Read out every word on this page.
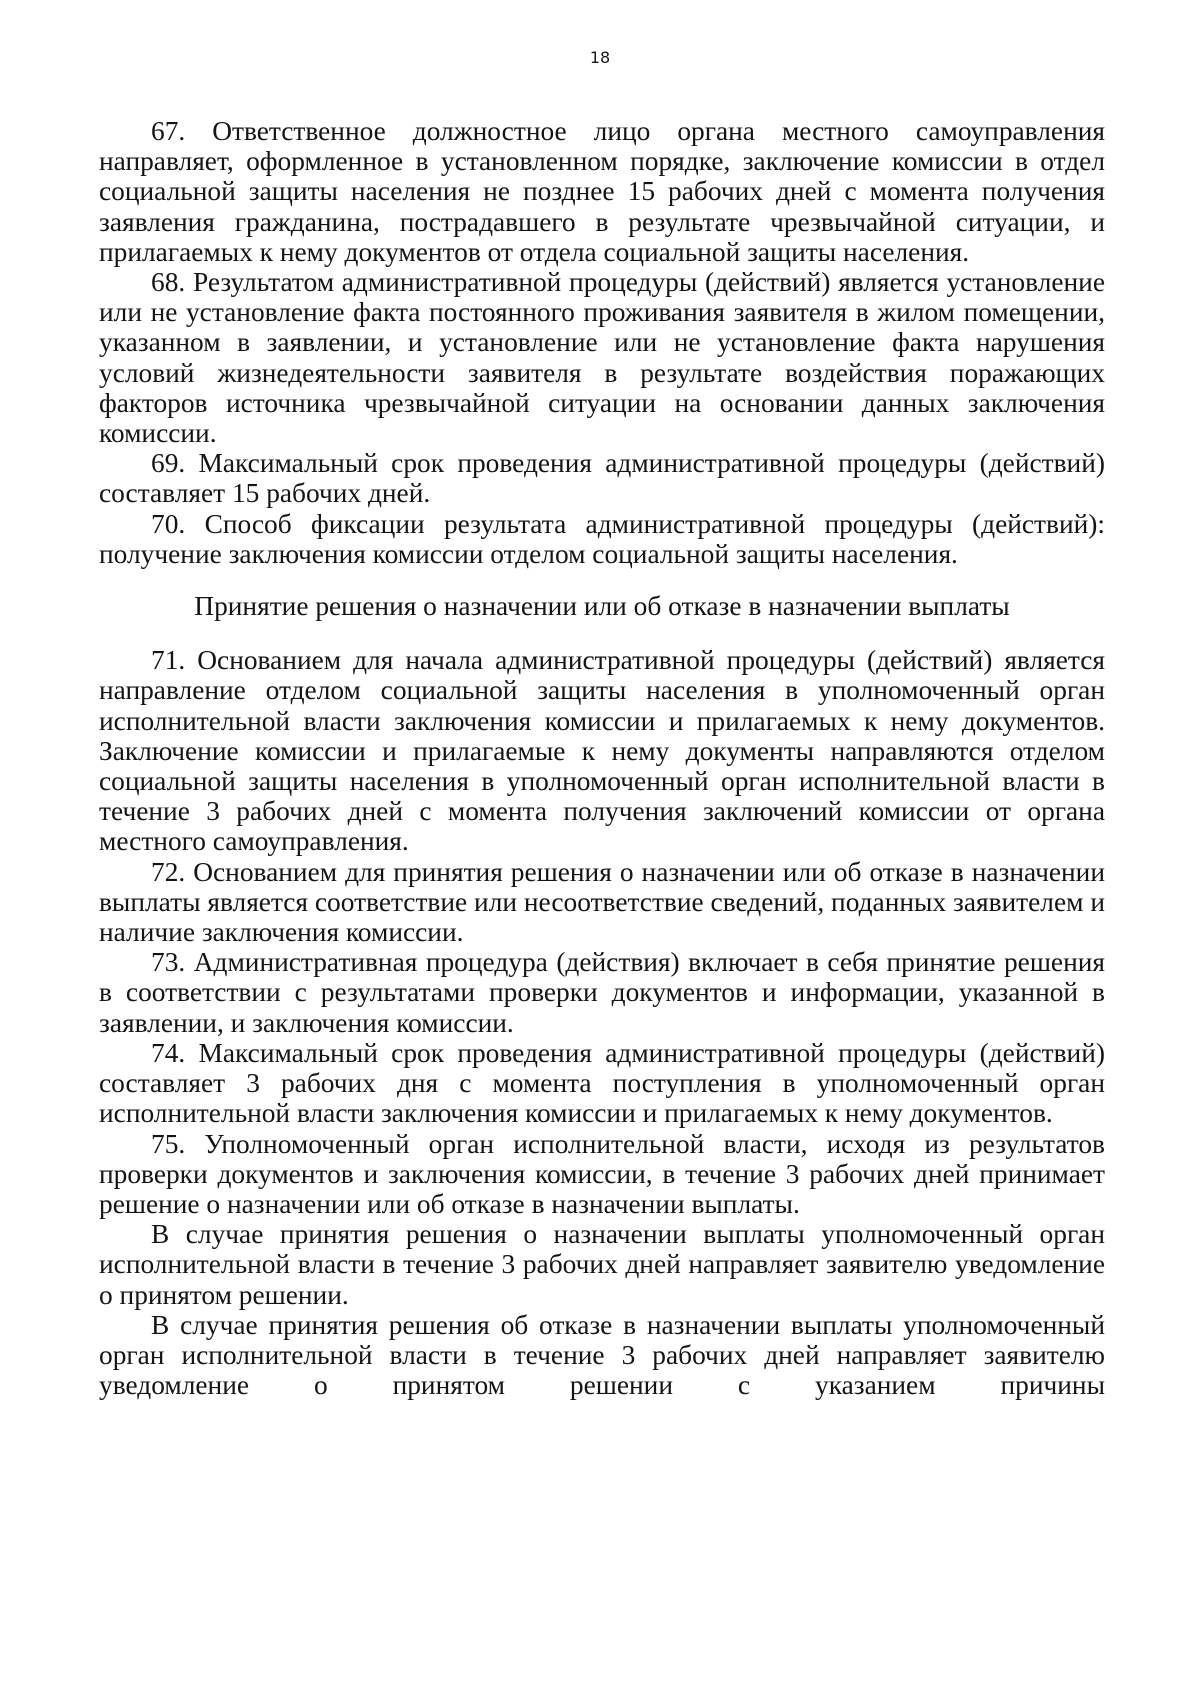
18

67. Ответственное должностное лицо органа местного самоуправления направляет, оформленное в установленном порядке, заключение комиссии в отдел социальной защиты населения не позднее 15 рабочих дней с момента получения заявления гражданина, пострадавшего в результате чрезвычайной ситуации, и прилагаемых к нему документов от отдела социальной защиты населения.

68. Результатом административной процедуры (действий) является установление или не установление факта постоянного проживания заявителя в жилом помещении, указанном в заявлении, и установление или не установление факта нарушения условий жизнедеятельности заявителя в результате воздействия поражающих факторов источника чрезвычайной ситуации на основании данных заключения комиссии.

69. Максимальный срок проведения административной процедуры (действий) составляет 15 рабочих дней.

70. Способ фиксации результата административной процедуры (действий): получение заключения комиссии отделом социальной защиты населения.

Принятие решения о назначении или об отказе в назначении выплаты

71. Основанием для начала административной процедуры (действий) является направление отделом социальной защиты населения в уполномоченный орган исполнительной власти заключения комиссии и прилагаемых к нему документов. Заключение комиссии и прилагаемые к нему документы направляются отделом социальной защиты населения в уполномоченный орган исполнительной власти в течение 3 рабочих дней с момента получения заключений комиссии от органа местного самоуправления.

72. Основанием для принятия решения о назначении или об отказе в назначении выплаты является соответствие или несоответствие сведений, поданных заявителем и наличие заключения комиссии.

73. Административная процедура (действия) включает в себя принятие решения в соответствии с результатами проверки документов и информации, указанной в заявлении, и заключения комиссии.

74. Максимальный срок проведения административной процедуры (действий) составляет 3 рабочих дня с момента поступления в уполномоченный орган исполнительной власти заключения комиссии и прилагаемых к нему документов.

75. Уполномоченный орган исполнительной власти, исходя из результатов проверки документов и заключения комиссии, в течение 3 рабочих дней принимает решение о назначении или об отказе в назначении выплаты.

В случае принятия решения о назначении выплаты уполномоченный орган исполнительной власти в течение 3 рабочих дней направляет заявителю уведомление о принятом решении.

В случае принятия решения об отказе в назначении выплаты уполномоченный орган исполнительной власти в течение 3 рабочих дней направляет заявителю уведомление о принятом решении с указанием причины
